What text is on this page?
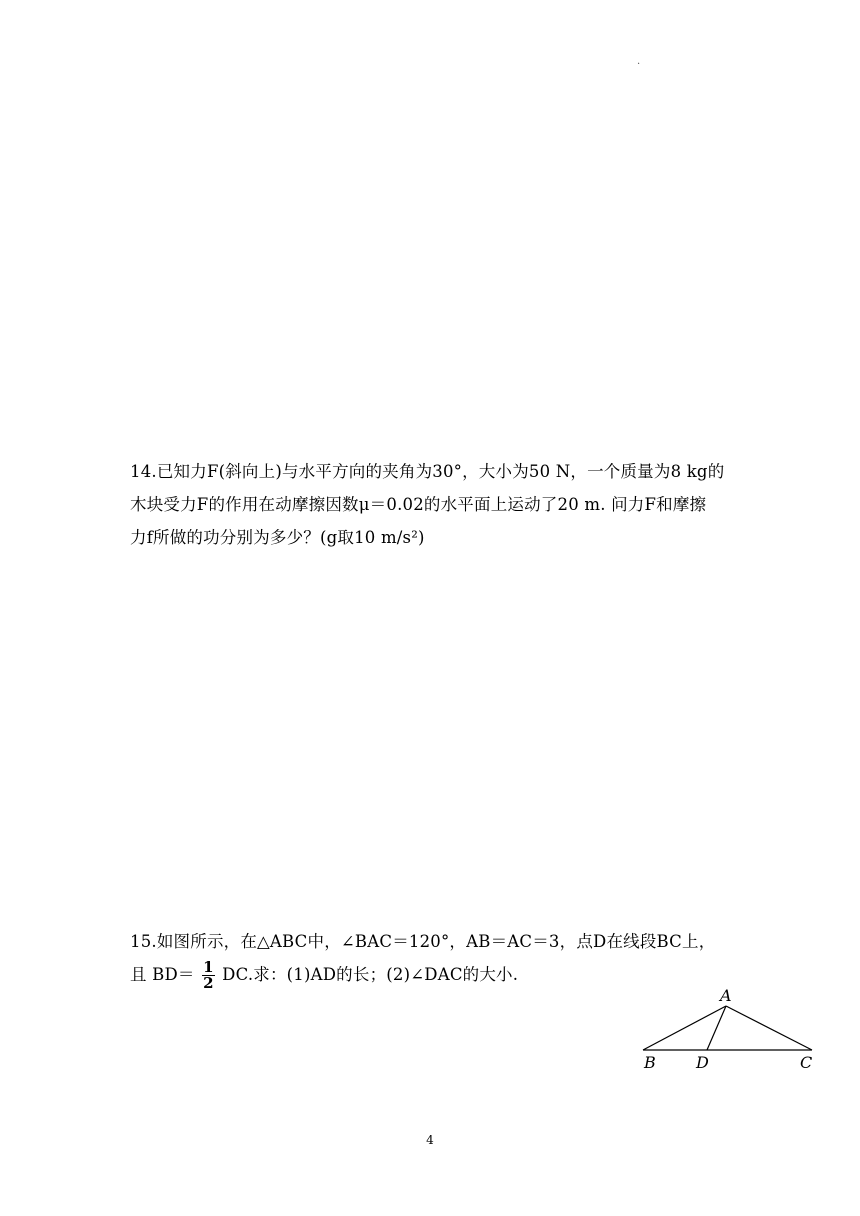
.
14.已知力F(斜向上)与水平方向的夹角为30°，大小为50 N，一个质量为8 kg的
木块受力F的作用在动摩擦因数μ＝0.02的水平面上运动了20 m. 问力F和摩擦
力f所做的功分别为多少？(g取10 m/s²)
15.如图所示，在△ABC中，∠BAC＝120°，AB＝AC＝3，点D在线段BC上，
且 $BD= \frac{1}{2}$ DC.求：(1)AD的长；(2)∠DAC的大小.
A
B	D	C
4
